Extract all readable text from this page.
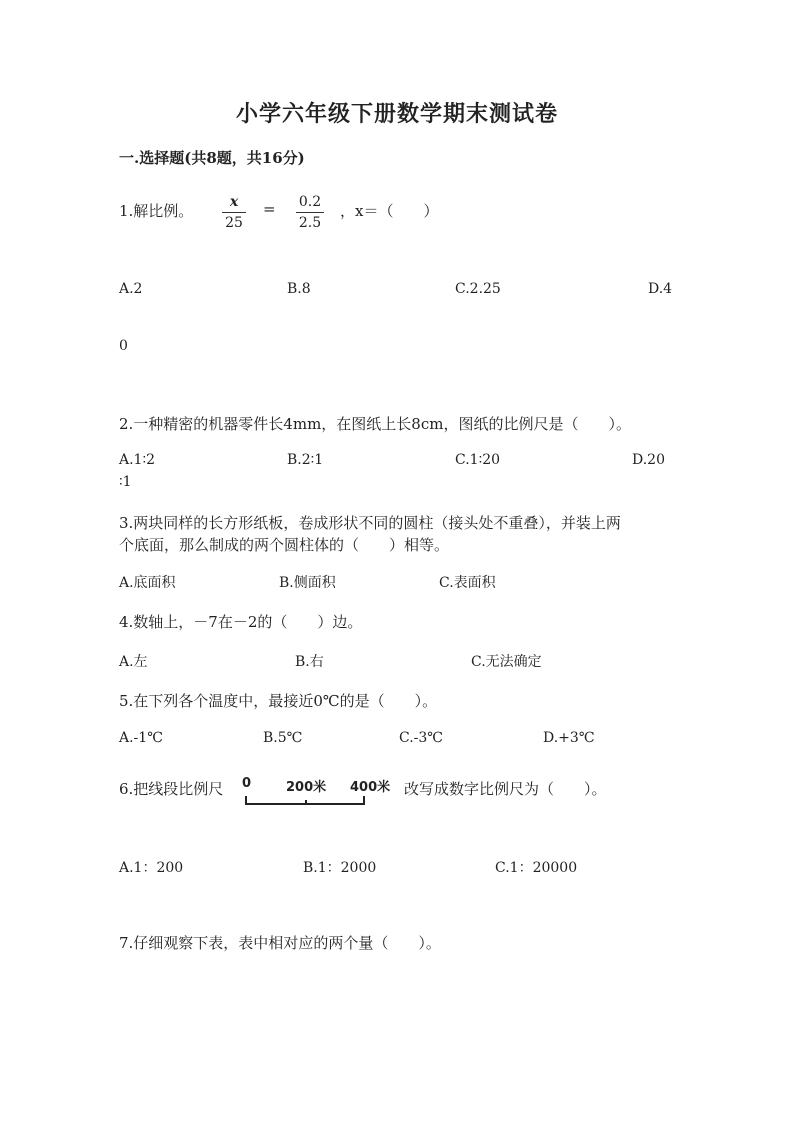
小学六年级下册数学期末测试卷
一.选择题(共8题，共16分)
1.解比例。	x
25
= 0.2
2.5
，x＝（　　）
A.2	B.8	C.2.25	D.4
0
2.一种精密的机器零件长4mm，在图纸上长8cm，图纸的比例尺是（　　）。
A.1∶2	B.2∶1	C.1∶20	D.20
∶1
3.两块同样的长方形纸板，卷成形状不同的圆柱（接头处不重叠），并装上两
个底面，那么制成的两个圆柱体的（　　）相等。
A.底面积	B.侧面积	C.表面积
4.数轴上，－7在－2的（　　）边。
A.左	B.右	C.无法确定
5.在下列各个温度中，最接近0℃的是（　　）。
A.-1℃	B.5℃	C.-3℃	D.+3℃
6.把线段比例尺 0	200米 400米 改写成数字比例尺为（　　）。
A.1：200	B.1：2000	C.1：20000
7.仔细观察下表，表中相对应的两个量（　　）。
